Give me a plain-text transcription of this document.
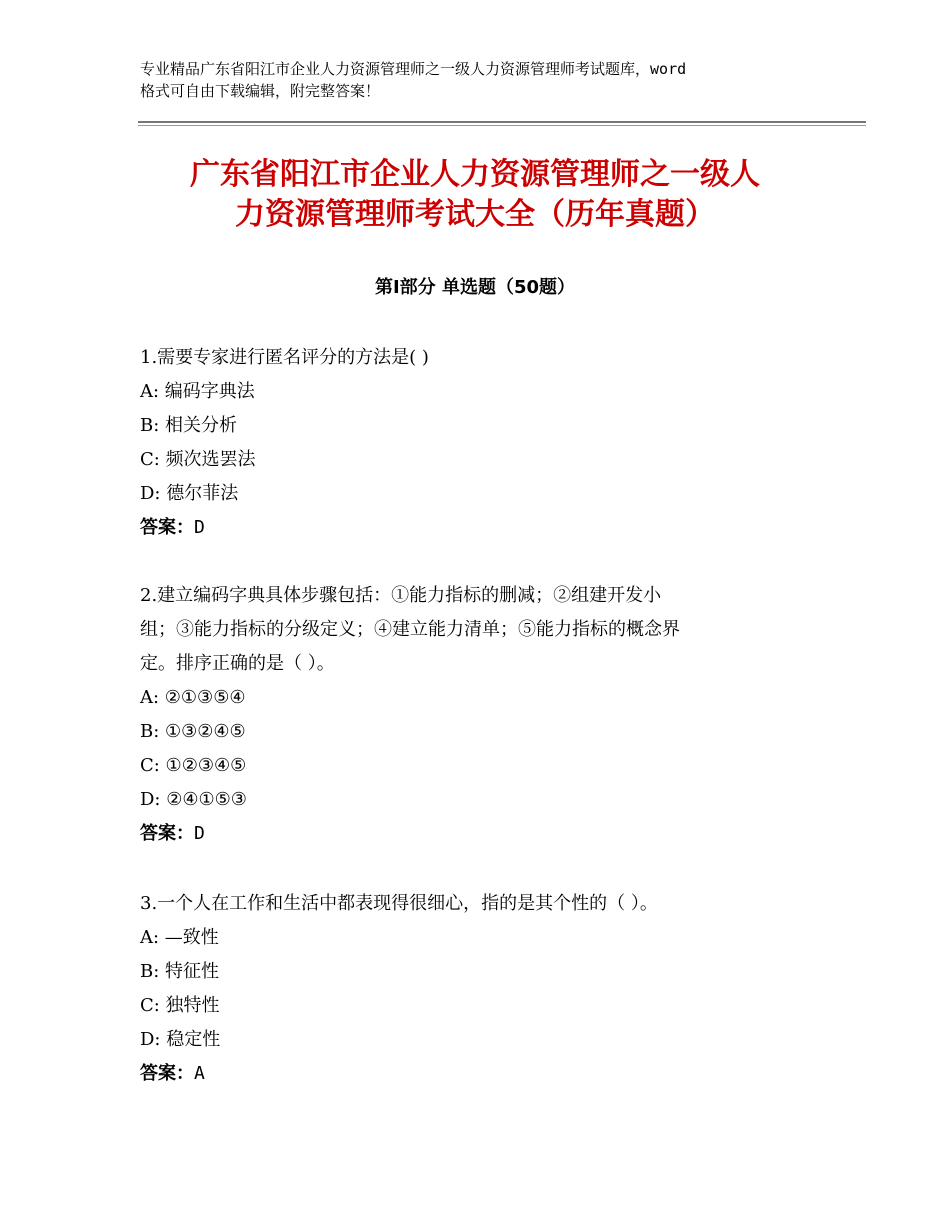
专业精品广东省阳江市企业人力资源管理师之一级人力资源管理师考试题库，word
格式可自由下载编辑，附完整答案！
广东省阳江市企业人力资源管理师之一级人
力资源管理师考试大全（历年真题）
第Ⅰ部分 单选题（50题）
1.需要专家进行匿名评分的方法是( )
A: 编码字典法
B: 相关分析
C: 频次选罢法
D: 德尔菲法
答案：D
2.建立编码字典具体步骤包括：①能力指标的删减；②组建开发小
组；③能力指标的分级定义；④建立能力清单；⑤能力指标的概念界
定。排序正确的是（ ）。
A: ②①③⑤④
B: ①③②④⑤
C: ①②③④⑤
D: ②④①⑤③
答案：D
3.一个人在工作和生活中都表现得很细心，指的是其个性的（ ）。
A: —致性
B: 特征性
C: 独特性
D: 稳定性
答案：A
